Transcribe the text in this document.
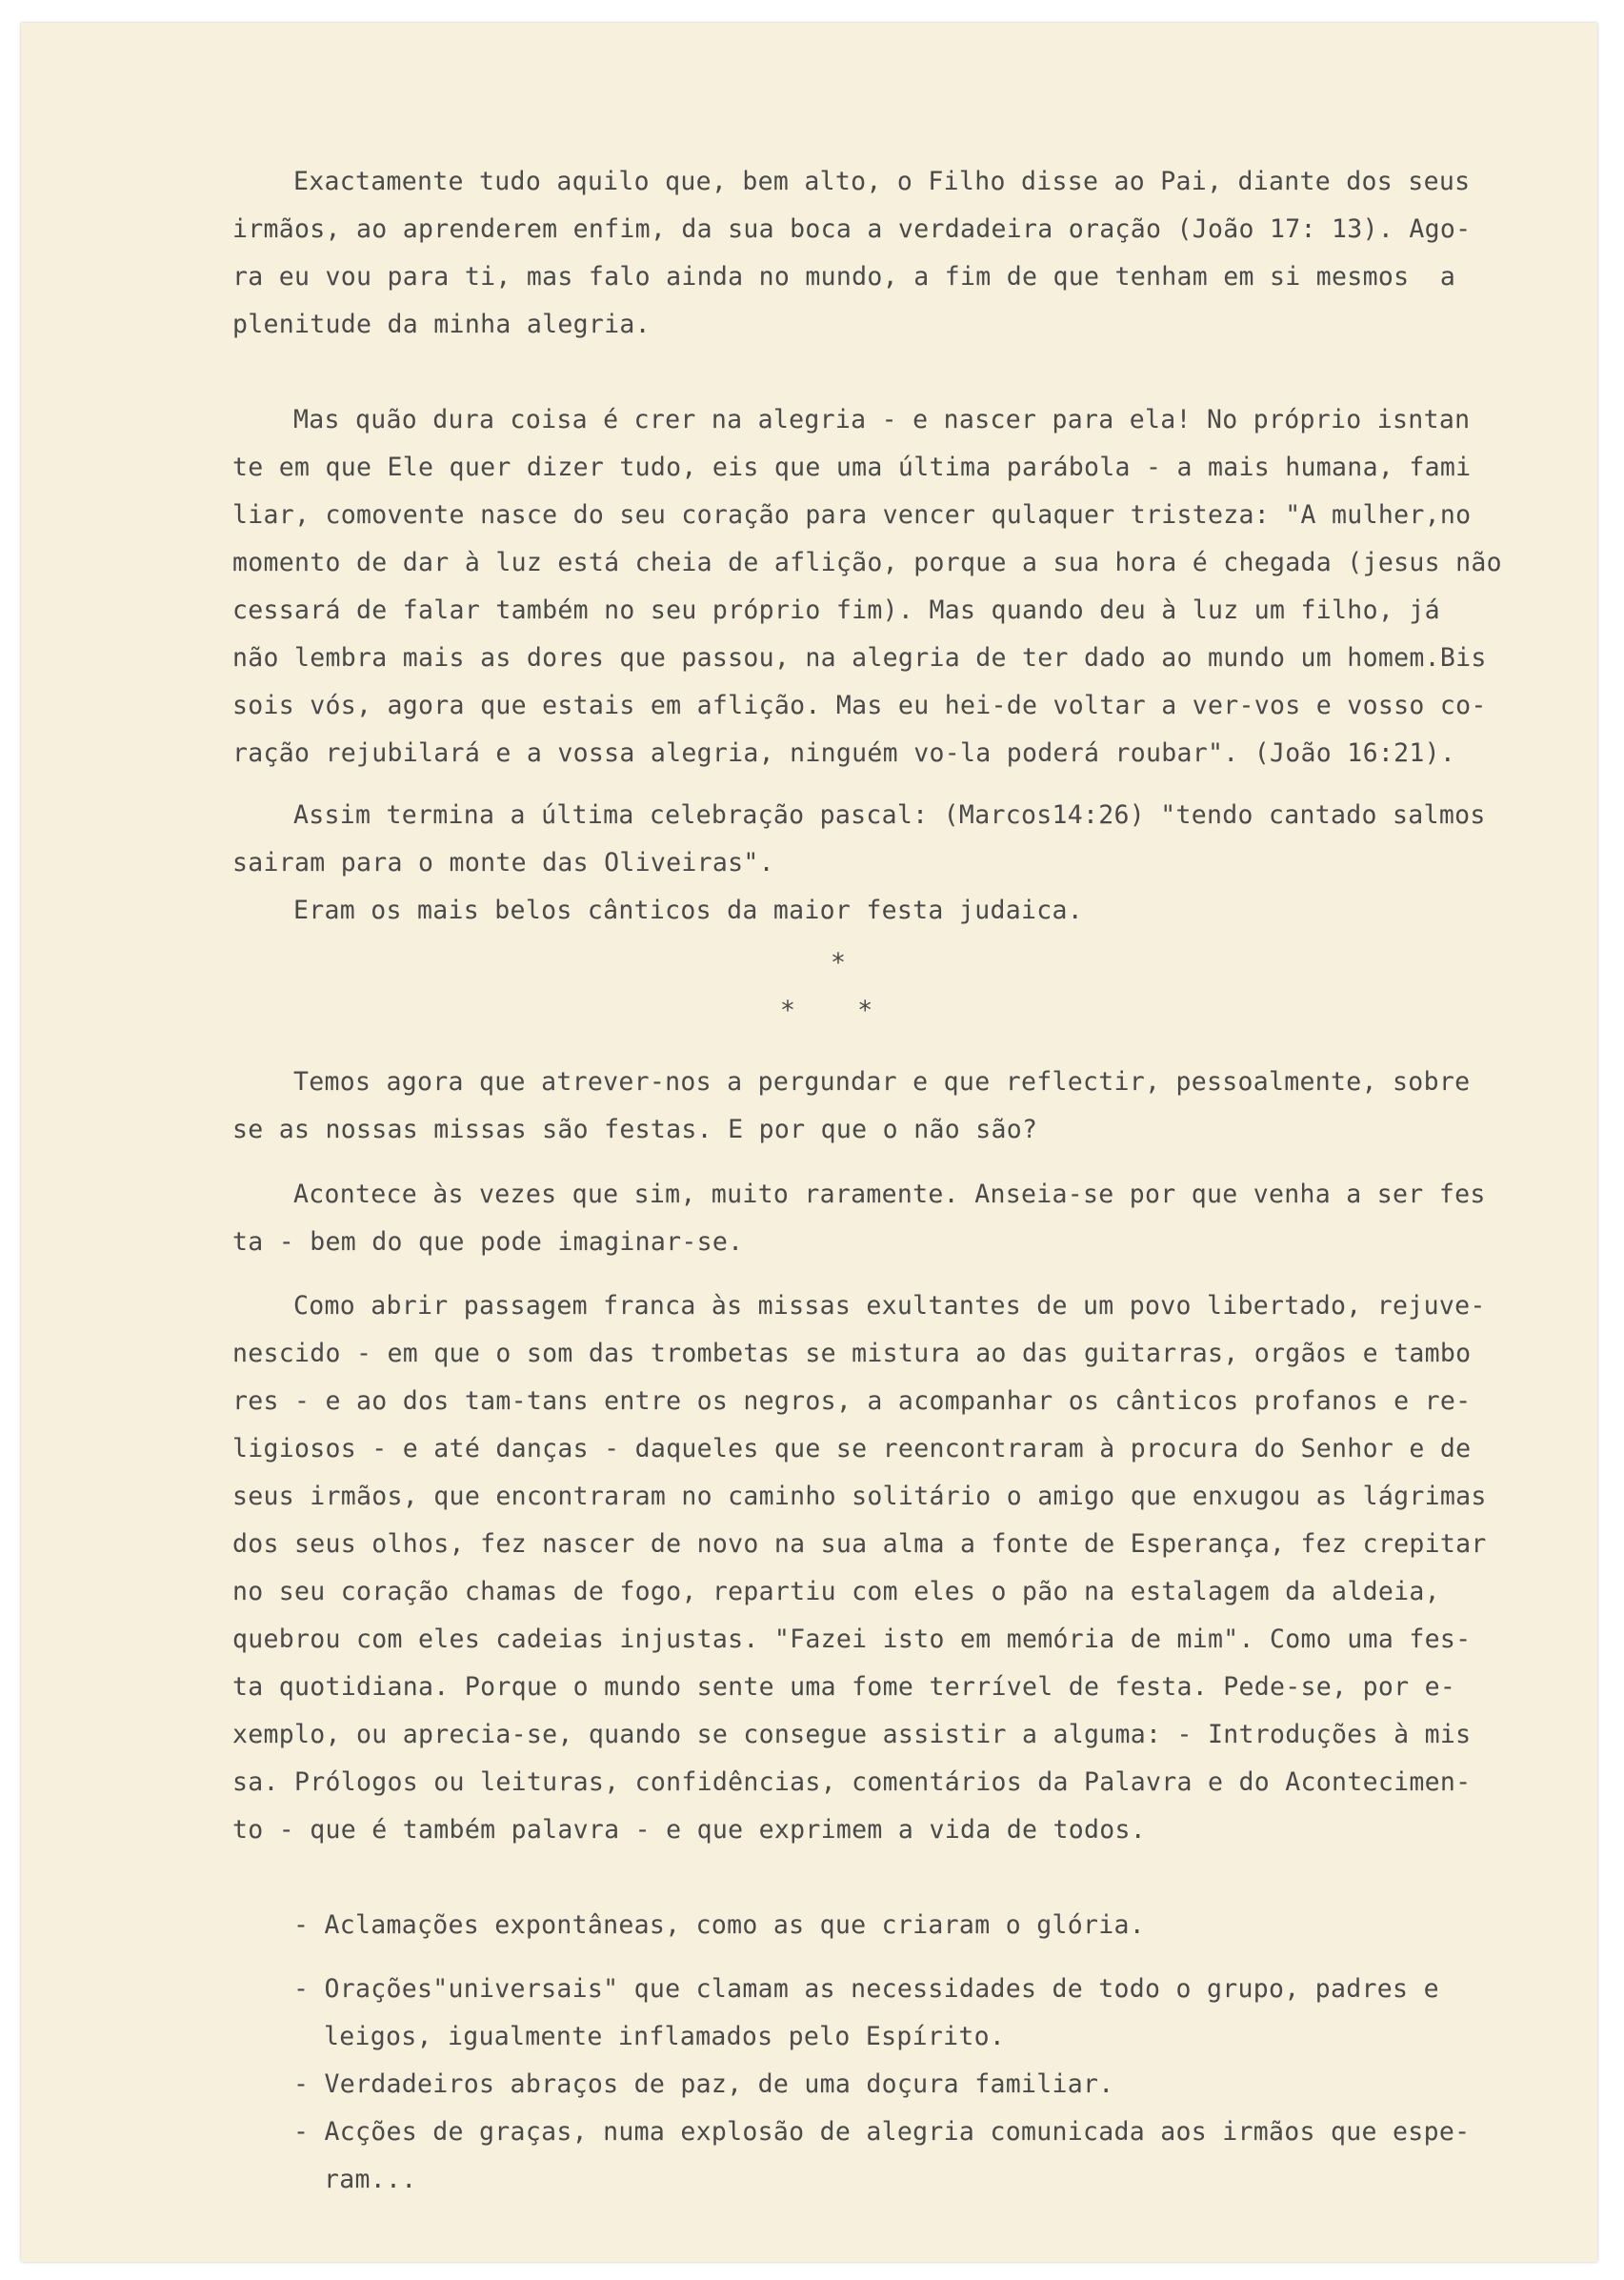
Exactamente tudo aquilo que, bem alto, o Filho disse ao Pai, diante dos seus
irmãos, ao aprenderem enfim, da sua boca a verdadeira oração (João 17: 13). Ago-
ra eu vou para ti, mas falo ainda no mundo, a fim de que tenham em si mesmos  a
plenitude da minha alegria.
Mas quão dura coisa é crer na alegria - e nascer para ela! No próprio isntan
te em que Ele quer dizer tudo, eis que uma última parábola - a mais humana, fami
liar, comovente nasce do seu coração para vencer qulaquer tristeza: "A mulher,no
momento de dar à luz está cheia de aflição, porque a sua hora é chegada (jesus não
cessará de falar também no seu próprio fim). Mas quando deu à luz um filho, já
não lembra mais as dores que passou, na alegria de ter dado ao mundo um homem.Bis
sois vós, agora que estais em aflição. Mas eu hei-de voltar a ver-vos e vosso co-
ração rejubilará e a vossa alegria, ninguém vo-la poderá roubar". (João 16:21).
Assim termina a última celebração pascal: (Marcos14:26) "tendo cantado salmos
sairam para o monte das Oliveiras".
Eram os mais belos cânticos da maior festa judaica.
*
*    *
Temos agora que atrever-nos a pergundar e que reflectir, pessoalmente, sobre
se as nossas missas são festas. E por que o não são?
Acontece às vezes que sim, muito raramente. Anseia-se por que venha a ser fes
ta - bem do que pode imaginar-se.
Como abrir passagem franca às missas exultantes de um povo libertado, rejuve-
nescido - em que o som das trombetas se mistura ao das guitarras, orgãos e tambo
res - e ao dos tam-tans entre os negros, a acompanhar os cânticos profanos e re-
ligiosos - e até danças - daqueles que se reencontraram à procura do Senhor e de
seus irmãos, que encontraram no caminho solitário o amigo que enxugou as lágrimas
dos seus olhos, fez nascer de novo na sua alma a fonte de Esperança, fez crepitar
no seu coração chamas de fogo, repartiu com eles o pão na estalagem da aldeia,
quebrou com eles cadeias injustas. "Fazei isto em memória de mim". Como uma fes-
ta quotidiana. Porque o mundo sente uma fome terrível de festa. Pede-se, por e-
xemplo, ou aprecia-se, quando se consegue assistir a alguma: - Introduções à mis
sa. Prólogos ou leituras, confidências, comentários da Palavra e do Acontecimen-
to - que é também palavra - e que exprimem a vida de todos.
- Aclamações expontâneas, como as que criaram o glória.
- Orações"universais" que clamam as necessidades de todo o grupo, padres e
leigos, igualmente inflamados pelo Espírito.
- Verdadeiros abraços de paz, de uma doçura familiar.
- Acções de graças, numa explosão de alegria comunicada aos irmãos que espe-
ram...
